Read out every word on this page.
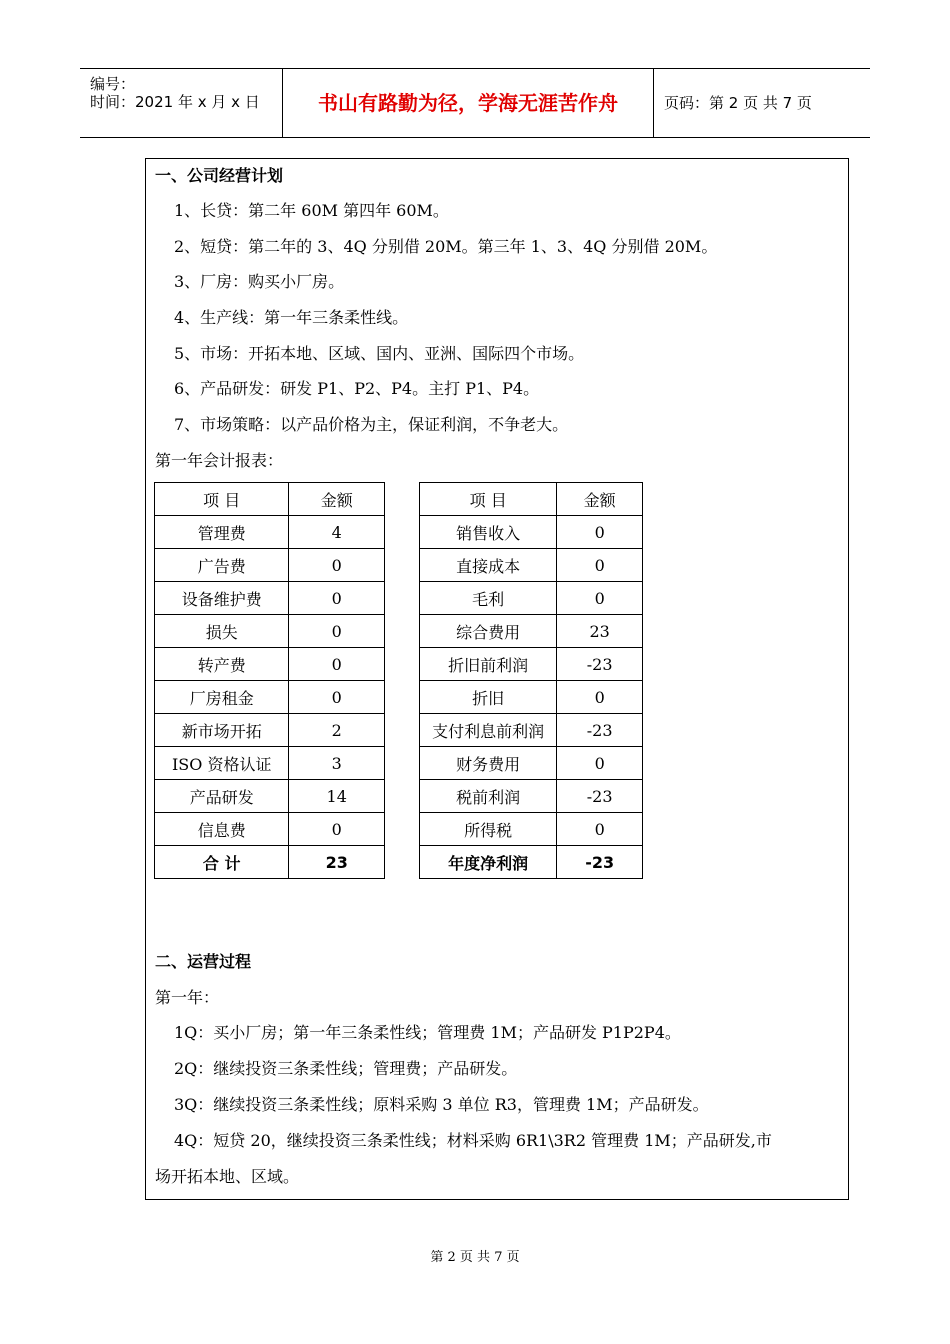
编号：
时间：2021 年 x 月 x 日	书山有路勤为径，学海无涯苦作舟	页码：第 2 页 共 7 页
一、公司经营计划
1、长贷：第二年 60M 第四年 60M。
2、短贷：第二年的 3、4Q 分别借 20M。第三年 1、3、4Q 分别借 20M。
3、厂房：购买小厂房。
4、生产线：第一年三条柔性线。
5、市场：开拓本地、区域、国内、亚洲、国际四个市场。
6、产品研发：研发 P1、P2、P4。主打 P1、P4。
7、市场策略：以产品价格为主，保证利润，不争老大。
第一年会计报表：
项 目	金额
管理费	4
广告费	0
设备维护费	0
损失	0
转产费	0
厂房租金	0
新市场开拓	2
ISO 资格认证	3
产品研发	14
信息费	0
合 计	23
项 目	金额
销售收入	0
直接成本	0
毛利	0
综合费用	23
折旧前利润	-23
折旧	0
支付利息前利润	-23
财务费用	0
税前利润	-23
所得税	0
年度净利润	-23
二、运营过程
第一年：
1Q：买小厂房；第一年三条柔性线；管理费 1M；产品研发 P1P2P4。
2Q：继续投资三条柔性线；管理费；产品研发。
3Q：继续投资三条柔性线；原料采购 3 单位 R3，管理费 1M；产品研发。
4Q：短贷 20，继续投资三条柔性线；材料采购 6R1\3R2 管理费 1M；产品研发,市
场开拓本地、区域。
第 2 页 共 7 页
